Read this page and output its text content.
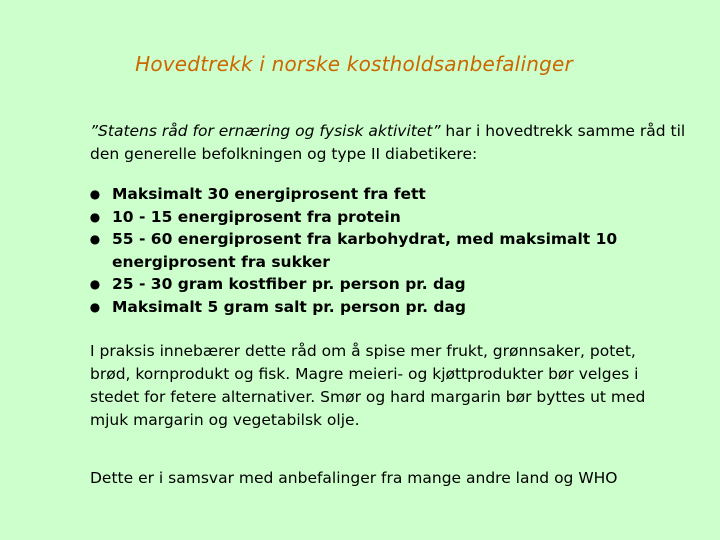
Hovedtrekk i norske kostholdsanbefalinger

”Statens råd for ernæring og fysisk aktivitet” har i hovedtrekk samme råd til den generelle befolkningen og type II diabetikere:

● Maksimalt 30 energiprosent fra fett
● 10 - 15 energiprosent fra protein
● 55 - 60 energiprosent fra karbohydrat, med maksimalt 10 energiprosent fra sukker
● 25 - 30 gram kostfiber pr. person pr. dag
● Maksimalt 5 gram salt pr. person pr. dag

I praksis innebærer dette råd om å spise mer frukt, grønnsaker, potet, brød, kornprodukt og fisk. Magre meieri- og kjøttprodukter bør velges i stedet for fetere alternativer. Smør og hard margarin bør byttes ut med mjuk margarin og vegetabilsk olje.

Dette er i samsvar med anbefalinger fra mange andre land og WHO
